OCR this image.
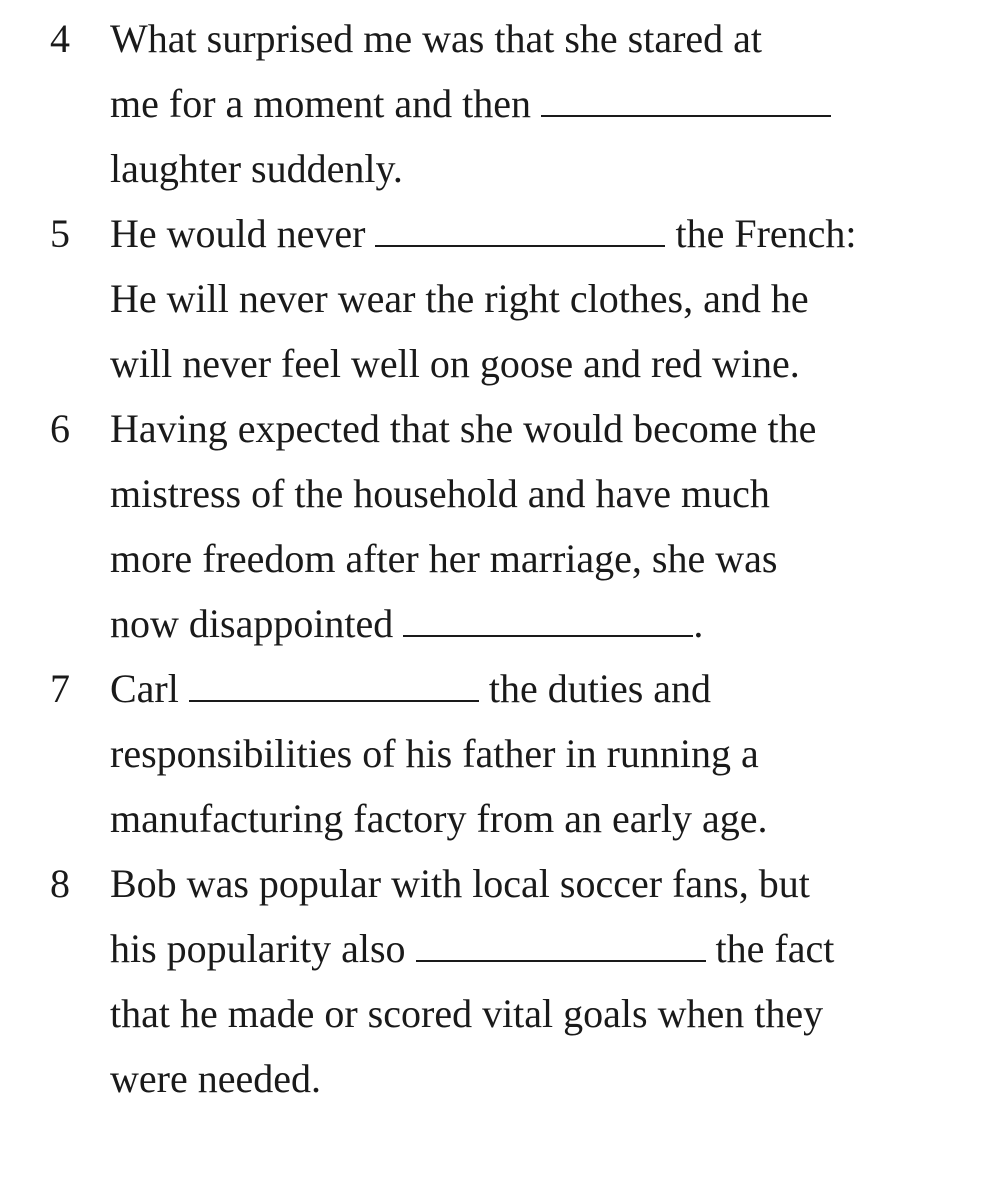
4 What surprised me was that she stared at
me for a moment and then
laughter suddenly.
5 He would never	the French:
He will never wear the right clothes, and he
will never feel well on goose and red wine.
6 Having expected that she would become the
mistress of the household and have much
more freedom after her marriage, she was
now disappointed	.
7 Carl	the duties and
responsibilities of his father in running a
manufacturing factory from an early age.
8 Bob was popular with local soccer fans, but
his popularity also	the fact
that he made or scored vital goals when they
were needed.
